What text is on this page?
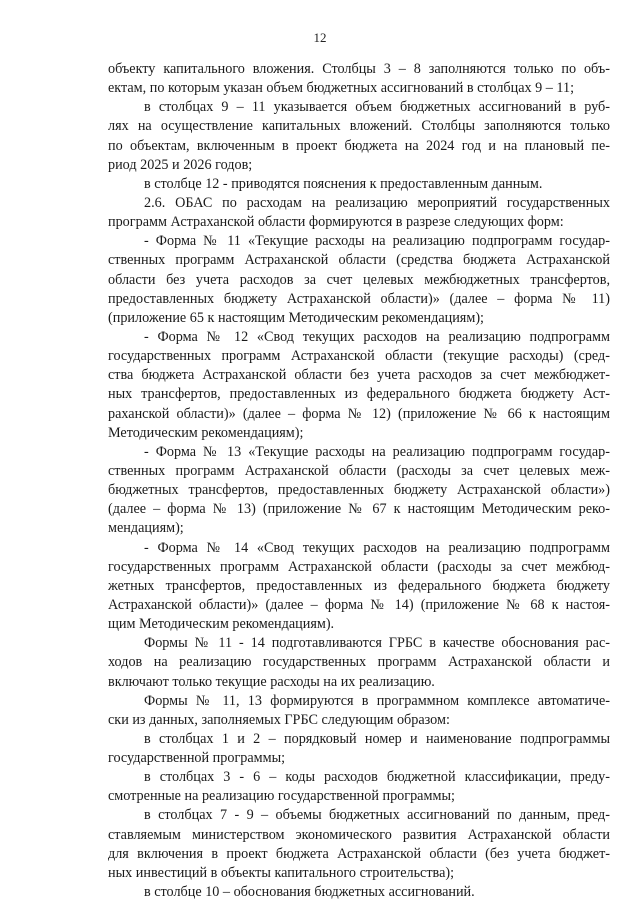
12
объекту капитального вложения. Столбцы 3 – 8 заполняются только по объ-
ектам, по которым указан объем бюджетных ассигнований в столбцах 9 – 11;
в столбцах 9 – 11 указывается объем бюджетных ассигнований в руб-
лях на осуществление капитальных вложений. Столбцы заполняются только
по объектам, включенным в проект бюджета на 2024 год и на плановый пе-
риод 2025 и 2026 годов;
в столбце 12 - приводятся пояснения к предоставленным данным.
2.6. ОБАС по расходам на реализацию мероприятий государственных
программ Астраханской области формируются в разрезе следующих форм:
- Форма № 11 «Текущие расходы на реализацию подпрограмм государ-
ственных программ Астраханской области (средства бюджета Астраханской
области без учета расходов за счет целевых межбюджетных трансфертов,
предоставленных бюджету Астраханской области)» (далее – форма № 11)
(приложение 65 к настоящим Методическим рекомендациям);
- Форма № 12 «Свод текущих расходов на реализацию подпрограмм
государственных программ Астраханской области (текущие расходы) (сред-
ства бюджета Астраханской области без учета расходов за счет межбюджет-
ных трансфертов, предоставленных из федерального бюджета бюджету Аст-
раханской области)» (далее – форма № 12) (приложение № 66 к настоящим
Методическим рекомендациям);
- Форма № 13 «Текущие расходы на реализацию подпрограмм государ-
ственных программ Астраханской области (расходы за счет целевых меж-
бюджетных трансфертов, предоставленных бюджету Астраханской области»)
(далее – форма № 13) (приложение № 67 к настоящим Методическим реко-
мендациям);
- Форма № 14 «Свод текущих расходов на реализацию подпрограмм
государственных программ Астраханской области (расходы за счет межбюд-
жетных трансфертов, предоставленных из федерального бюджета бюджету
Астраханской области)» (далее – форма № 14) (приложение № 68 к настоя-
щим Методическим рекомендациям).
Формы № 11 - 14 подготавливаются ГРБС в качестве обоснования рас-
ходов на реализацию государственных программ Астраханской области и
включают только текущие расходы на их реализацию.
Формы № 11, 13 формируются в программном комплексе автоматиче-
ски из данных, заполняемых ГРБС следующим образом:
в столбцах 1 и 2 – порядковый номер и наименование подпрограммы
государственной программы;
в столбцах 3 - 6 – коды расходов бюджетной классификации, преду-
смотренные на реализацию государственной программы;
в столбцах 7 - 9 – объемы бюджетных ассигнований по данным, пред-
ставляемым министерством экономического развития Астраханской области
для включения в проект бюджета Астраханской области (без учета бюджет-
ных инвестиций в объекты капитального строительства);
в столбце 10 – обоснования бюджетных ассигнований.
